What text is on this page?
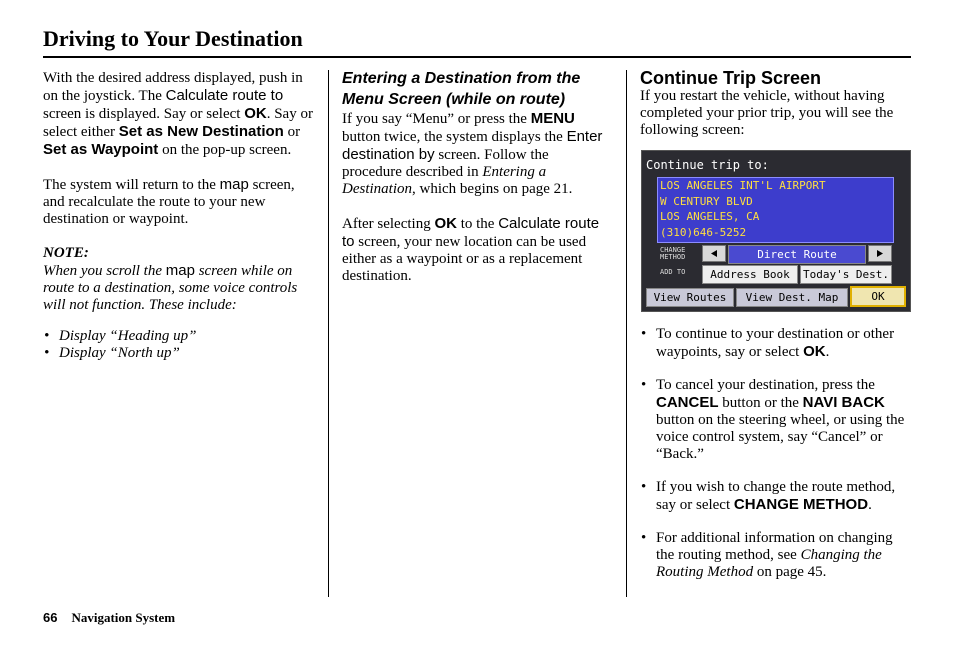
Driving to Your Destination

With the desired address displayed, push in on the joystick. The Calculate route to screen is displayed. Say or select OK. Say or select either Set as New Destination or Set as Waypoint on the pop-up screen.

The system will return to the map screen, and recalculate the route to your new destination or waypoint.

NOTE:

When you scroll the map screen while on route to a destination, some voice controls will not function. These include:

• Display “Heading up”
• Display “North up”

Entering a Destination from the Menu Screen (while on route)

If you say “Menu” or press the MENU button twice, the system displays the Enter destination by screen. Follow the procedure described in Entering a Destination, which begins on page 21.

After selecting OK to the Calculate route to screen, your new location can be used either as a waypoint or as a replacement destination.

Continue Trip Screen

If you restart the vehicle, without having completed your prior trip, you will see the following screen:

Continue trip to:
LOS ANGELES INT'L AIRPORT
W CENTURY BLVD
LOS ANGELES, CA
(310)646-5252
CHANGE
METHOD	Direct Route
ADD TO	Address Book	Today's Dest.
View Routes	View Dest. Map	OK
• To continue to your destination or other waypoints, say or select OK.
• To cancel your destination, press the CANCEL button or the NAVI BACK button on the steering wheel, or using the voice control system, say “Cancel” or “Back.”
• If you wish to change the route method, say or select CHANGE METHOD.
• For additional information on changing the routing method, see Changing the Routing Method on page 45.
66 Navigation System
